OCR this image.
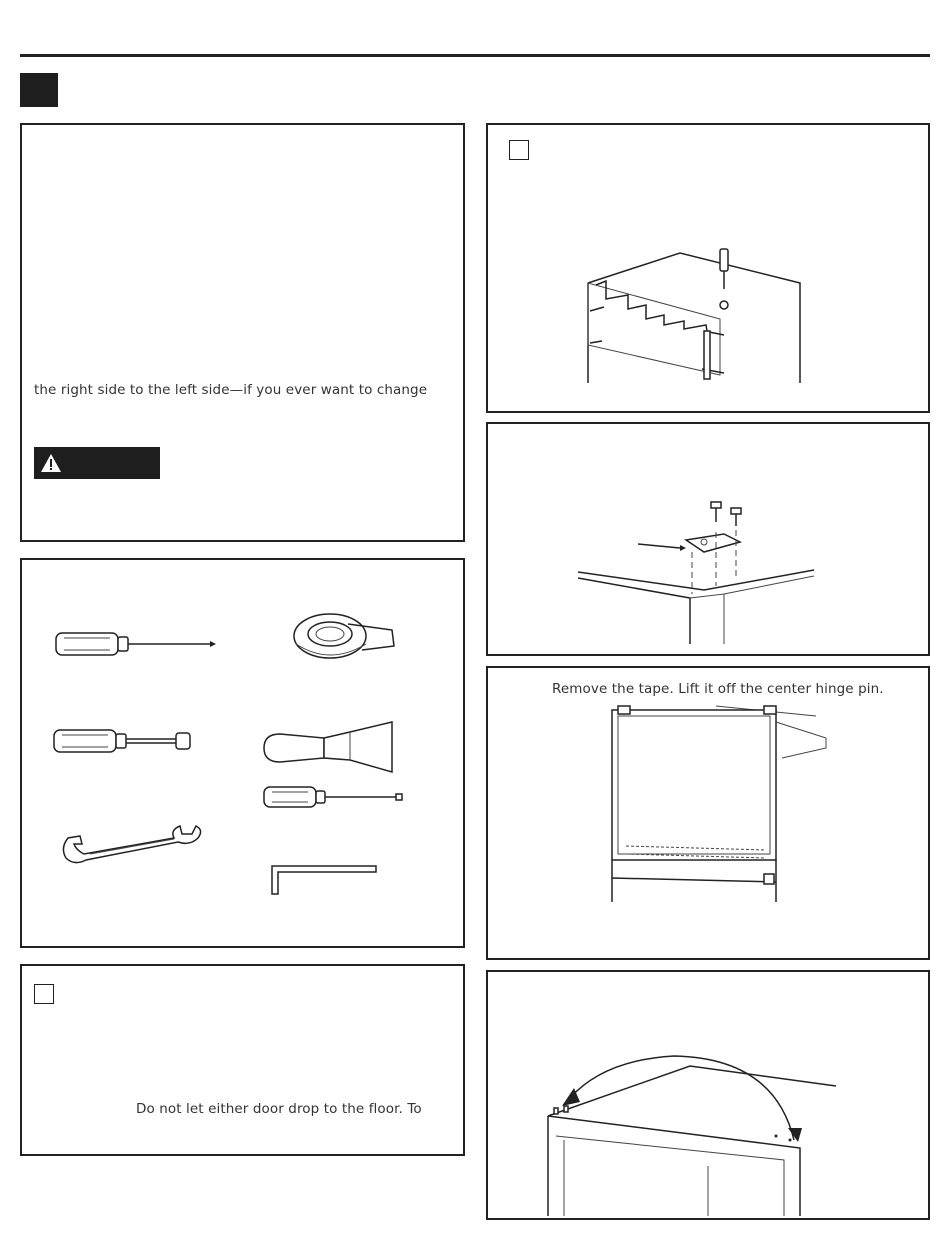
the right side to the left side—if you ever want to change
Do not let either door drop to the floor. To
Remove the tape. Lift it off the center hinge pin.
